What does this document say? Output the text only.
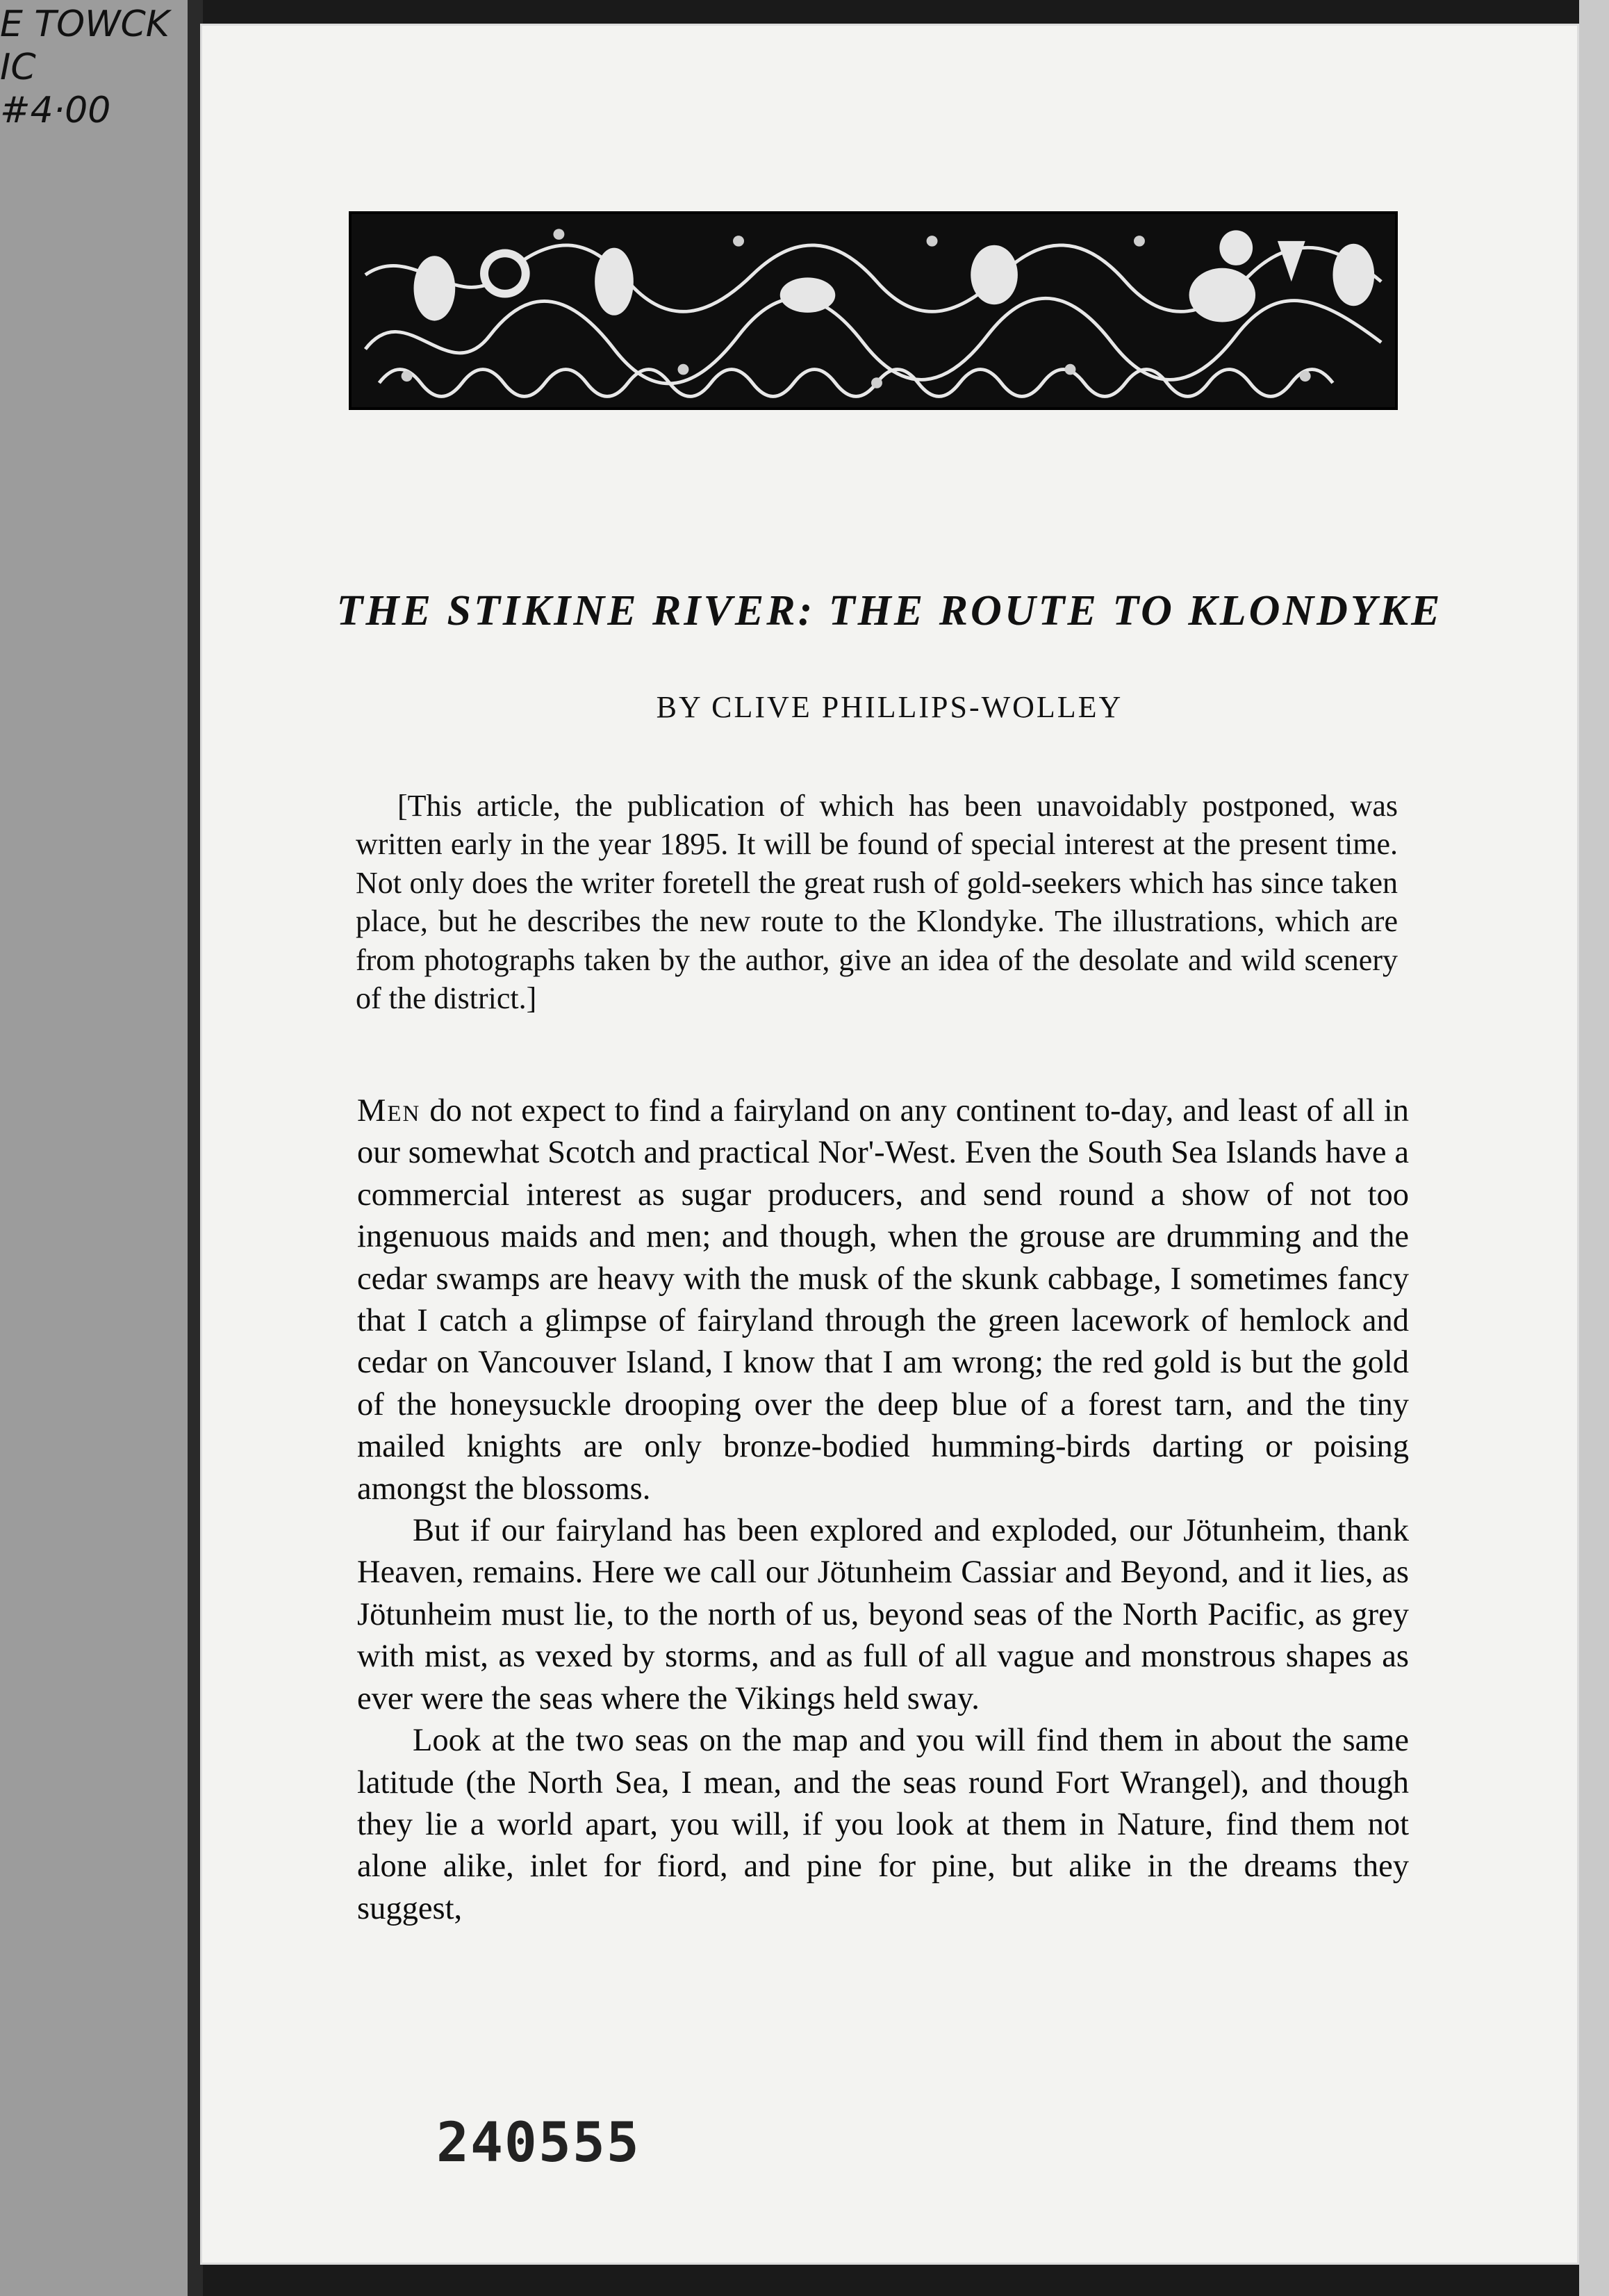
E TOWCK
IC
#4·00
THE STIKINE RIVER: THE ROUTE TO KLONDYKE
BY CLIVE PHILLIPS-WOLLEY
[This article, the publication of which has been unavoidably postponed, was written early in the year 1895. It will be found of special interest at the present time. Not only does the writer foretell the great rush of gold-seekers which has since taken place, but he describes the new route to the Klondyke. The illustrations, which are from photographs taken by the author, give an idea of the desolate and wild scenery of the district.]

Men do not expect to find a fairyland on any continent to-day, and least of all in our somewhat Scotch and practical Nor'-West. Even the South Sea Islands have a commercial interest as sugar producers, and send round a show of not too ingenuous maids and men; and though, when the grouse are drumming and the cedar swamps are heavy with the musk of the skunk cabbage, I sometimes fancy that I catch a glimpse of fairyland through the green lacework of hemlock and cedar on Vancouver Island, I know that I am wrong; the red gold is but the gold of the honeysuckle drooping over the deep blue of a forest tarn, and the tiny mailed knights are only bronze-bodied humming-birds darting or poising amongst the blossoms.

But if our fairyland has been explored and exploded, our Jötunheim, thank Heaven, remains. Here we call our Jötunheim Cassiar and Beyond, and it lies, as Jötunheim must lie, to the north of us, beyond seas of the North Pacific, as grey with mist, as vexed by storms, and as full of all vague and monstrous shapes as ever were the seas where the Vikings held sway.

Look at the two seas on the map and you will find them in about the same latitude (the North Sea, I mean, and the seas round Fort Wrangel), and though they lie a world apart, you will, if you look at them in Nature, find them not alone alike, inlet for fiord, and pine for pine, but alike in the dreams they suggest,

240555
